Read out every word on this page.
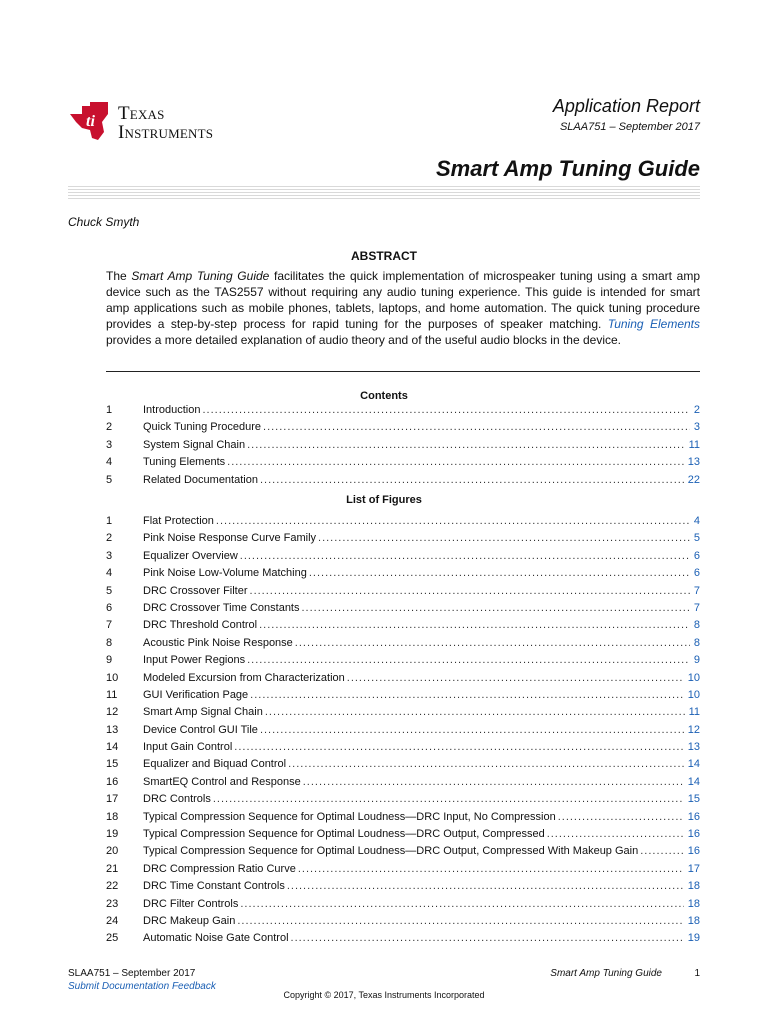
ti Texas
Instruments
Application Report
SLAA751 – September 2017
Smart Amp Tuning Guide
Chuck Smyth
ABSTRACT
The Smart Amp Tuning Guide facilitates the quick implementation of microspeaker tuning using a smart amp device such as the TAS2557 without requiring any audio tuning experience. This guide is intended for smart amp applications such as mobile phones, tablets, laptops, and home automation. The quick tuning procedure provides a step-by-step process for rapid tuning for the purposes of speaker matching. Tuning Elements provides a more detailed explanation of audio theory and of the useful audio blocks in the device.
Contents
1	Introduction .....	2
2	Quick Tuning Procedure .....	3
3	System Signal Chain .....	11
4	Tuning Elements .....	13
5	Related Documentation .....	22
List of Figures
1	Flat Protection .....	4
2	Pink Noise Response Curve Family .....	5
3	Equalizer Overview .....	6
4	Pink Noise Low-Volume Matching .....	6
5	DRC Crossover Filter .....	7
6	DRC Crossover Time Constants .....	7
7	DRC Threshold Control .....	8
8	Acoustic Pink Noise Response .....	8
9	Input Power Regions .....	9
10	Modeled Excursion from Characterization .....	10
11	GUI Verification Page .....	10
12	Smart Amp Signal Chain .....	11
13	Device Control GUI Tile .....	12
14	Input Gain Control .....	13
15	Equalizer and Biquad Control .....	14
16	SmartEQ Control and Response .....	14
17	DRC Controls .....	15
18	Typical Compression Sequence for Optimal Loudness—DRC Input, No Compression .....	16
19	Typical Compression Sequence for Optimal Loudness—DRC Output, Compressed .....	16
20	Typical Compression Sequence for Optimal Loudness—DRC Output, Compressed With Makeup Gain .....	16
21	DRC Compression Ratio Curve .....	17
22	DRC Time Constant Controls .....	18
23	DRC Filter Controls .....	18
24	DRC Makeup Gain .....	18
25	Automatic Noise Gate Control .....	19
SLAA751 – September 2017
Submit Documentation Feedback
Smart Amp Tuning Guide	1
Copyright © 2017, Texas Instruments Incorporated
